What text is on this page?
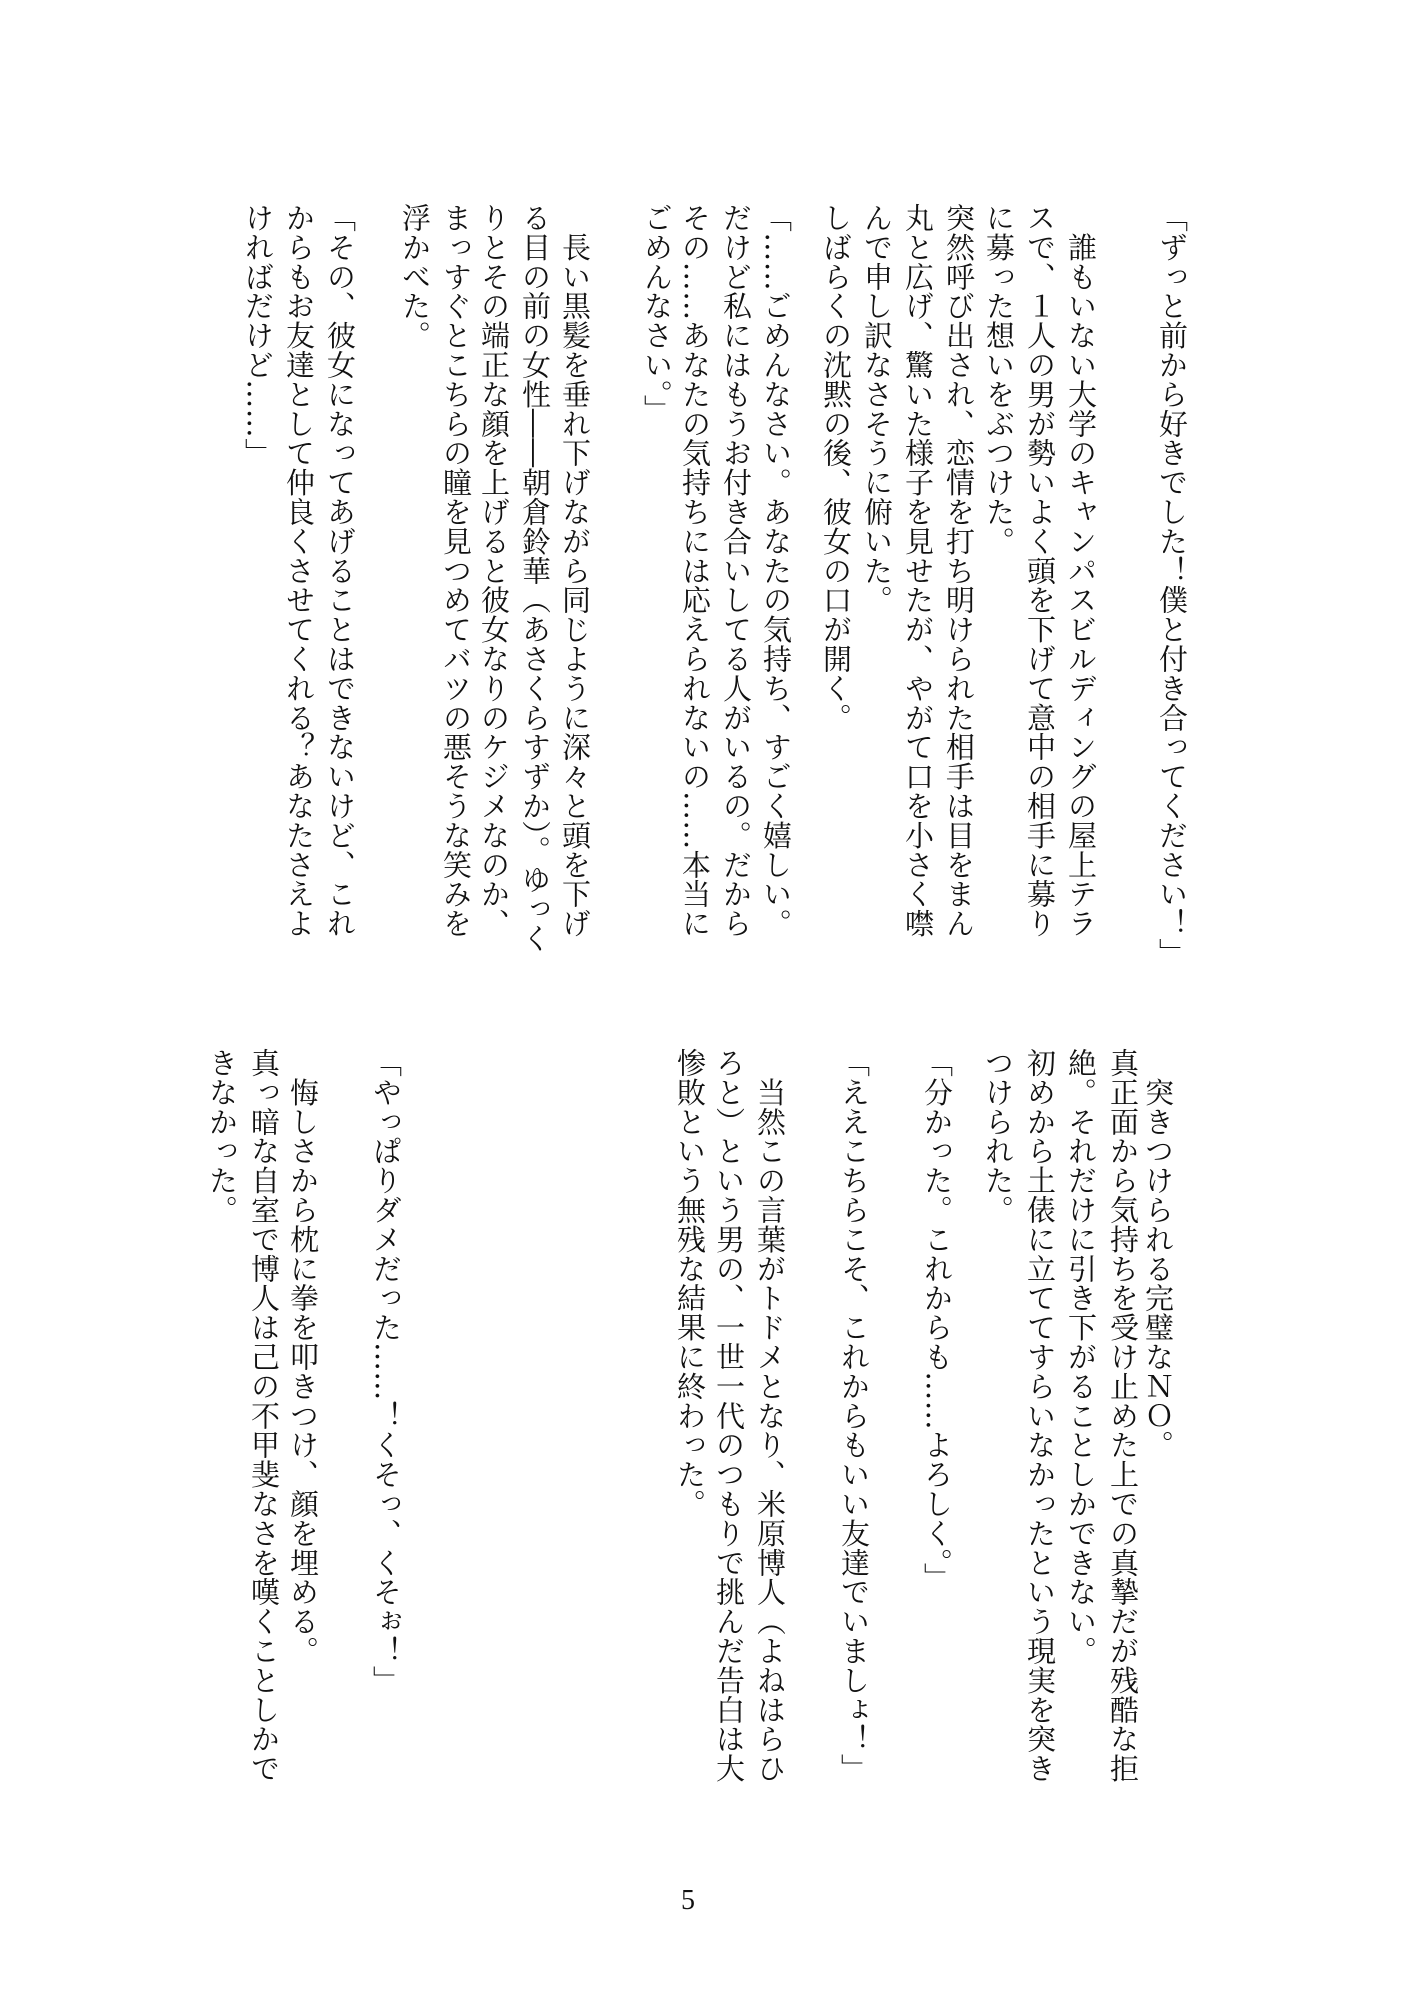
「ずっと前から好きでした！僕と付き合ってください！」
　誰もいない大学のキャンパスビルディングの屋上テラ
スで、１人の男が勢いよく頭を下げて意中の相手に募り
に募った想いをぶつけた。
突然呼び出され、恋情を打ち明けられた相手は目をまん
丸と広げ、驚いた様子を見せたが、やがて口を小さく噤
んで申し訳なさそうに俯いた。
しばらくの沈黙の後、彼女の口が開く。
「……ごめんなさい。あなたの気持ち、すごく嬉しい。
だけど私にはもうお付き合いしてる人がいるの。だから
その……あなたの気持ちには応えられないの……本当に
ごめんなさい。」
　長い黒髪を垂れ下げながら同じように深々と頭を下げ
る目の前の女性――朝倉鈴華（あさくらすずか）。ゆっく
りとその端正な顔を上げると彼女なりのケジメなのか、
まっすぐとこちらの瞳を見つめてバツの悪そうな笑みを
浮かべた。
「その、彼女になってあげることはできないけど、これ
からもお友達として仲良くさせてくれる？あなたさえよ
ければだけど……」
　突きつけられる完璧なＮＯ。
真正面から気持ちを受け止めた上での真摯だが残酷な拒
絶。それだけに引き下がることしかできない。
初めから土俵に立ててすらいなかったという現実を突き
つけられた。
「分かった。これからも……よろしく。」
「ええこちらこそ、これからもいい友達でいましょ！」
　当然この言葉がトドメとなり、米原博人（よねはらひ
ろと）という男の、一世一代のつもりで挑んだ告白は大
惨敗という無残な結果に終わった。
「やっぱりダメだった……！くそっ、くそぉ！」
　悔しさから枕に拳を叩きつけ、顔を埋める。
真っ暗な自室で博人は己の不甲斐なさを嘆くことしかで
きなかった。
5
